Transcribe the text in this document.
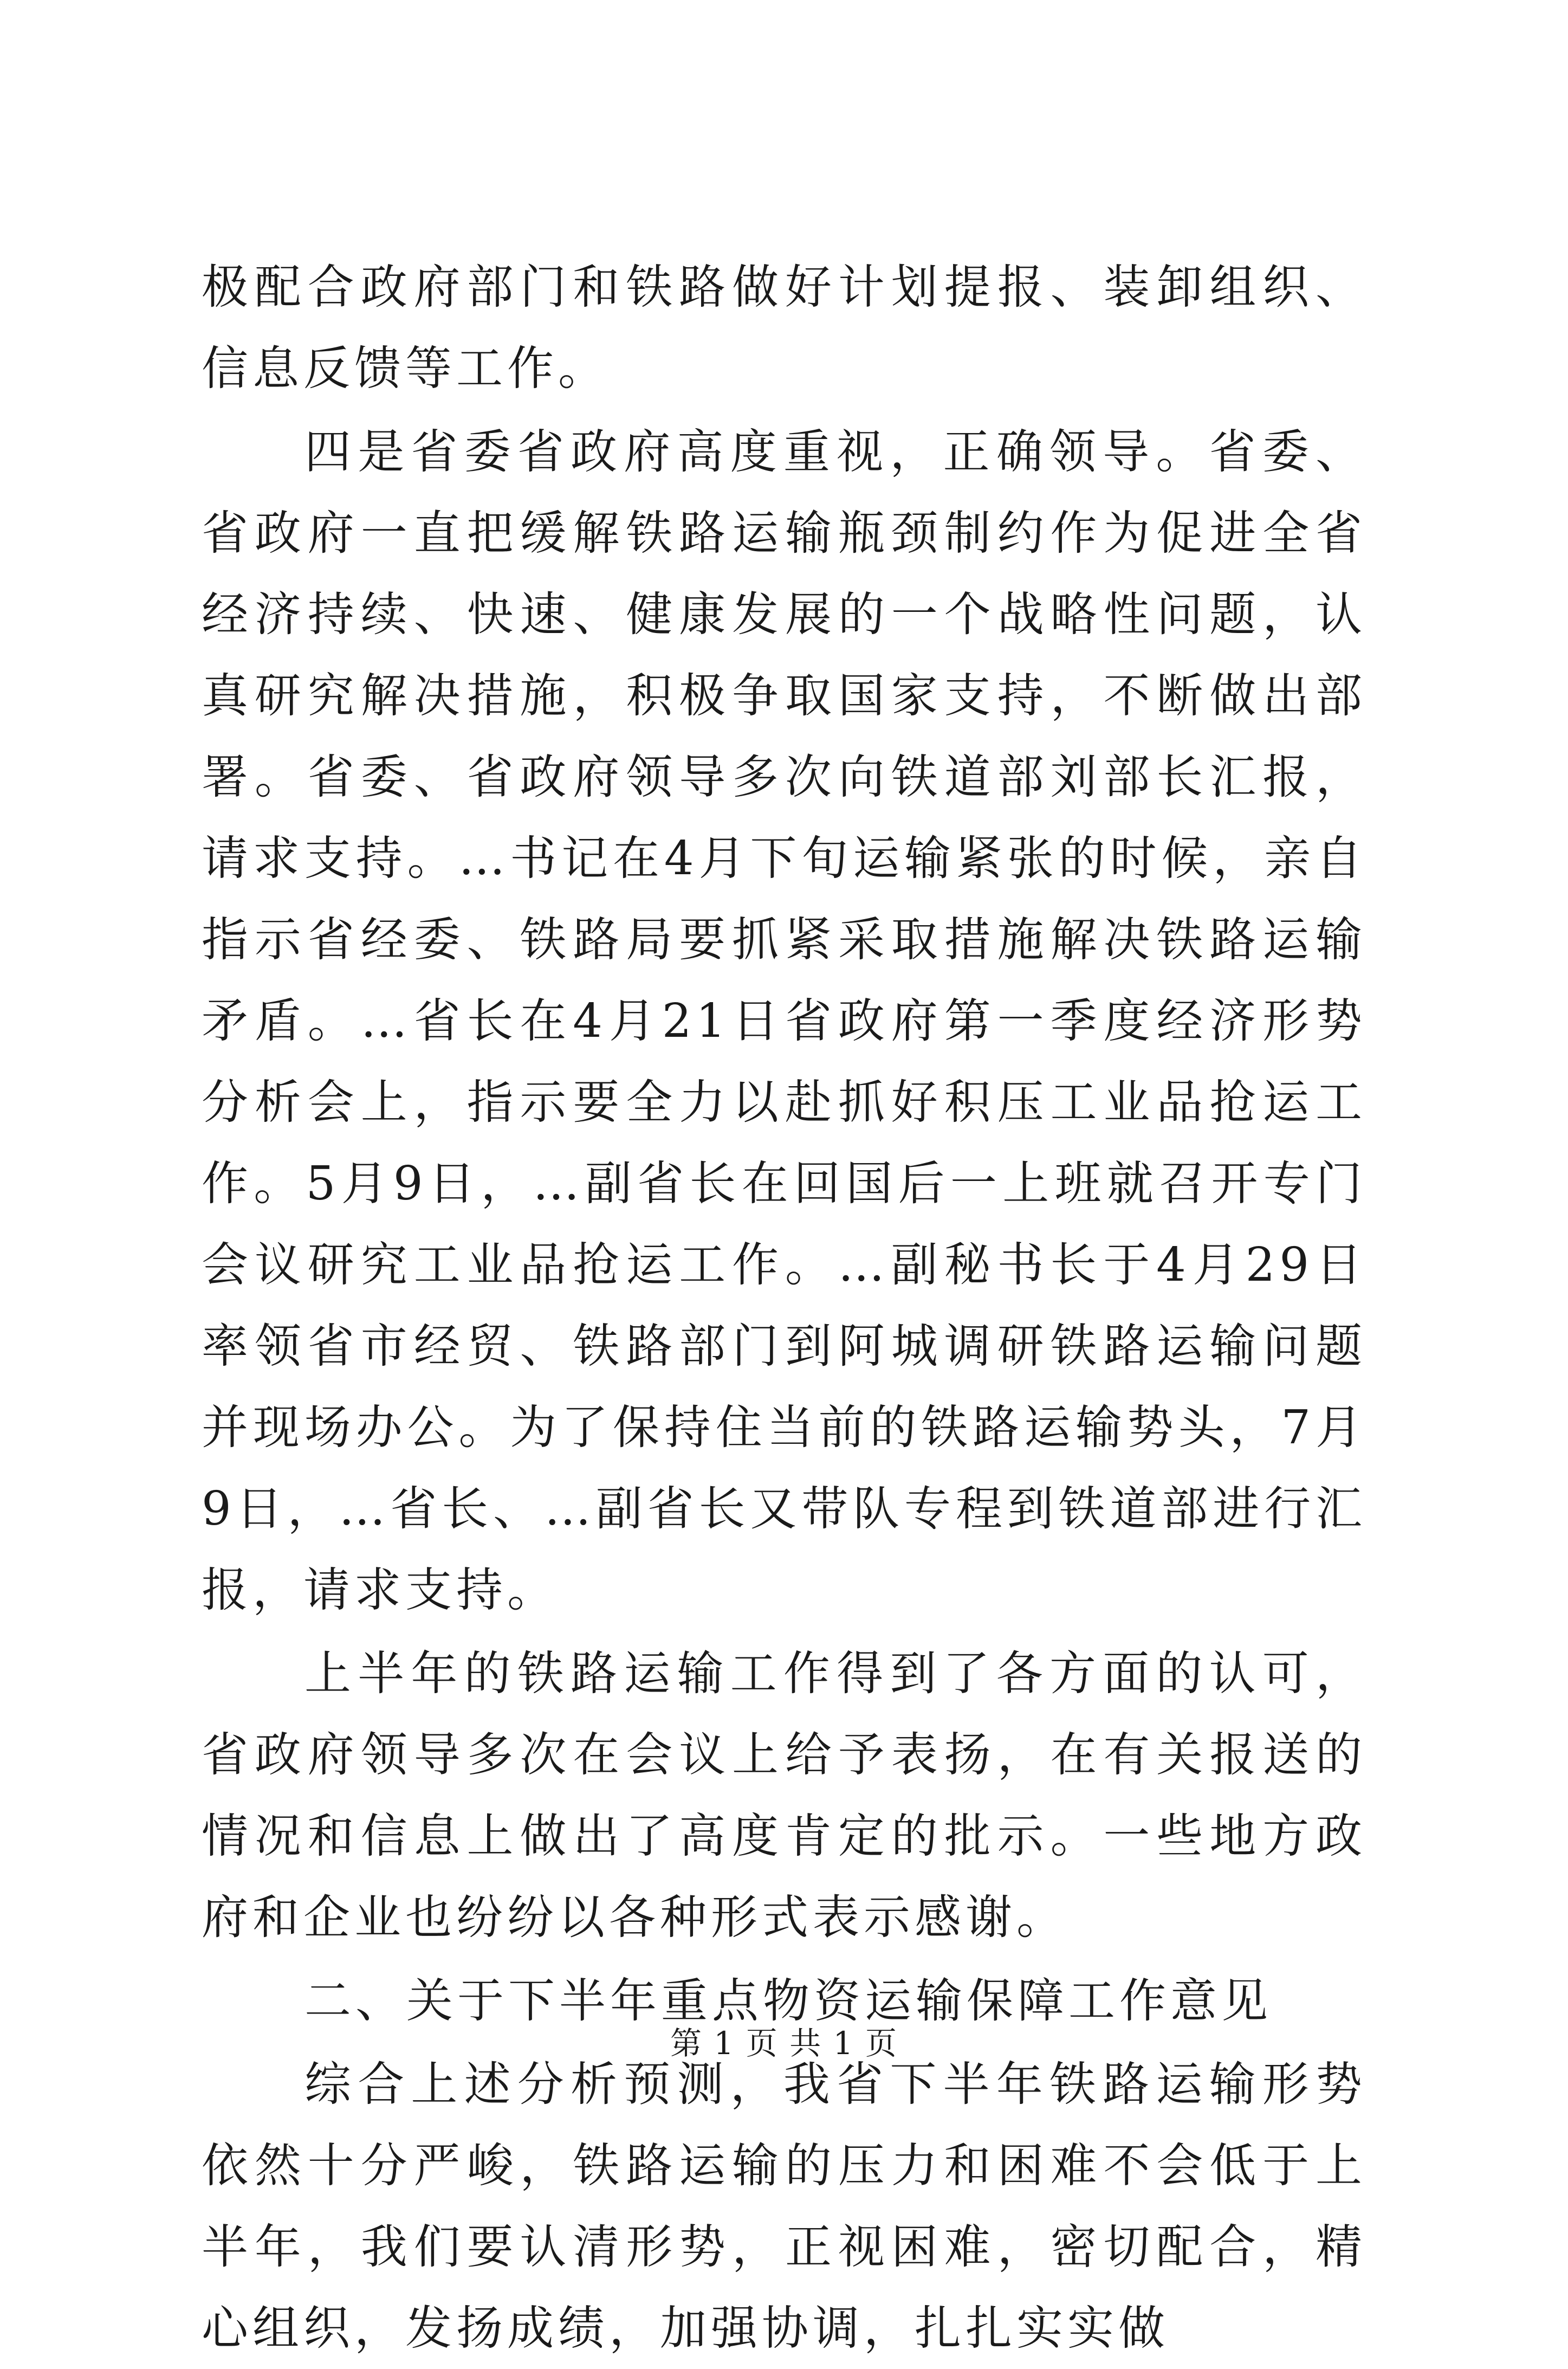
极配合政府部门和铁路做好计划提报、装卸组织、信息反馈等工作。

四是省委省政府高度重视，正确领导。省委、省政府一直把缓解铁路运输瓶颈制约作为促进全省经济持续、快速、健康发展的一个战略性问题，认真研究解决措施，积极争取国家支持，不断做出部署。省委、省政府领导多次向铁道部刘部长汇报，请求支持。…书记在4月下旬运输紧张的时候，亲自指示省经委、铁路局要抓紧采取措施解决铁路运输矛盾。…省长在4月21日省政府第一季度经济形势分析会上，指示要全力以赴抓好积压工业品抢运工作。5月9日，…副省长在回国后一上班就召开专门会议研究工业品抢运工作。…副秘书长于4月29日率领省市经贸、铁路部门到阿城调研铁路运输问题并现场办公。为了保持住当前的铁路运输势头，7月9日，…省长、…副省长又带队专程到铁道部进行汇报，请求支持。

上半年的铁路运输工作得到了各方面的认可，省政府领导多次在会议上给予表扬，在有关报送的情况和信息上做出了高度肯定的批示。一些地方政府和企业也纷纷以各种形式表示感谢。

二、关于下半年重点物资运输保障工作意见

综合上述分析预测，我省下半年铁路运输形势依然十分严峻，铁路运输的压力和困难不会低于上半年，我们要认清形势，正视困难，密切配合，精心组织，发扬成绩，加强协调，扎扎实实做

第 1 页 共 1 页
